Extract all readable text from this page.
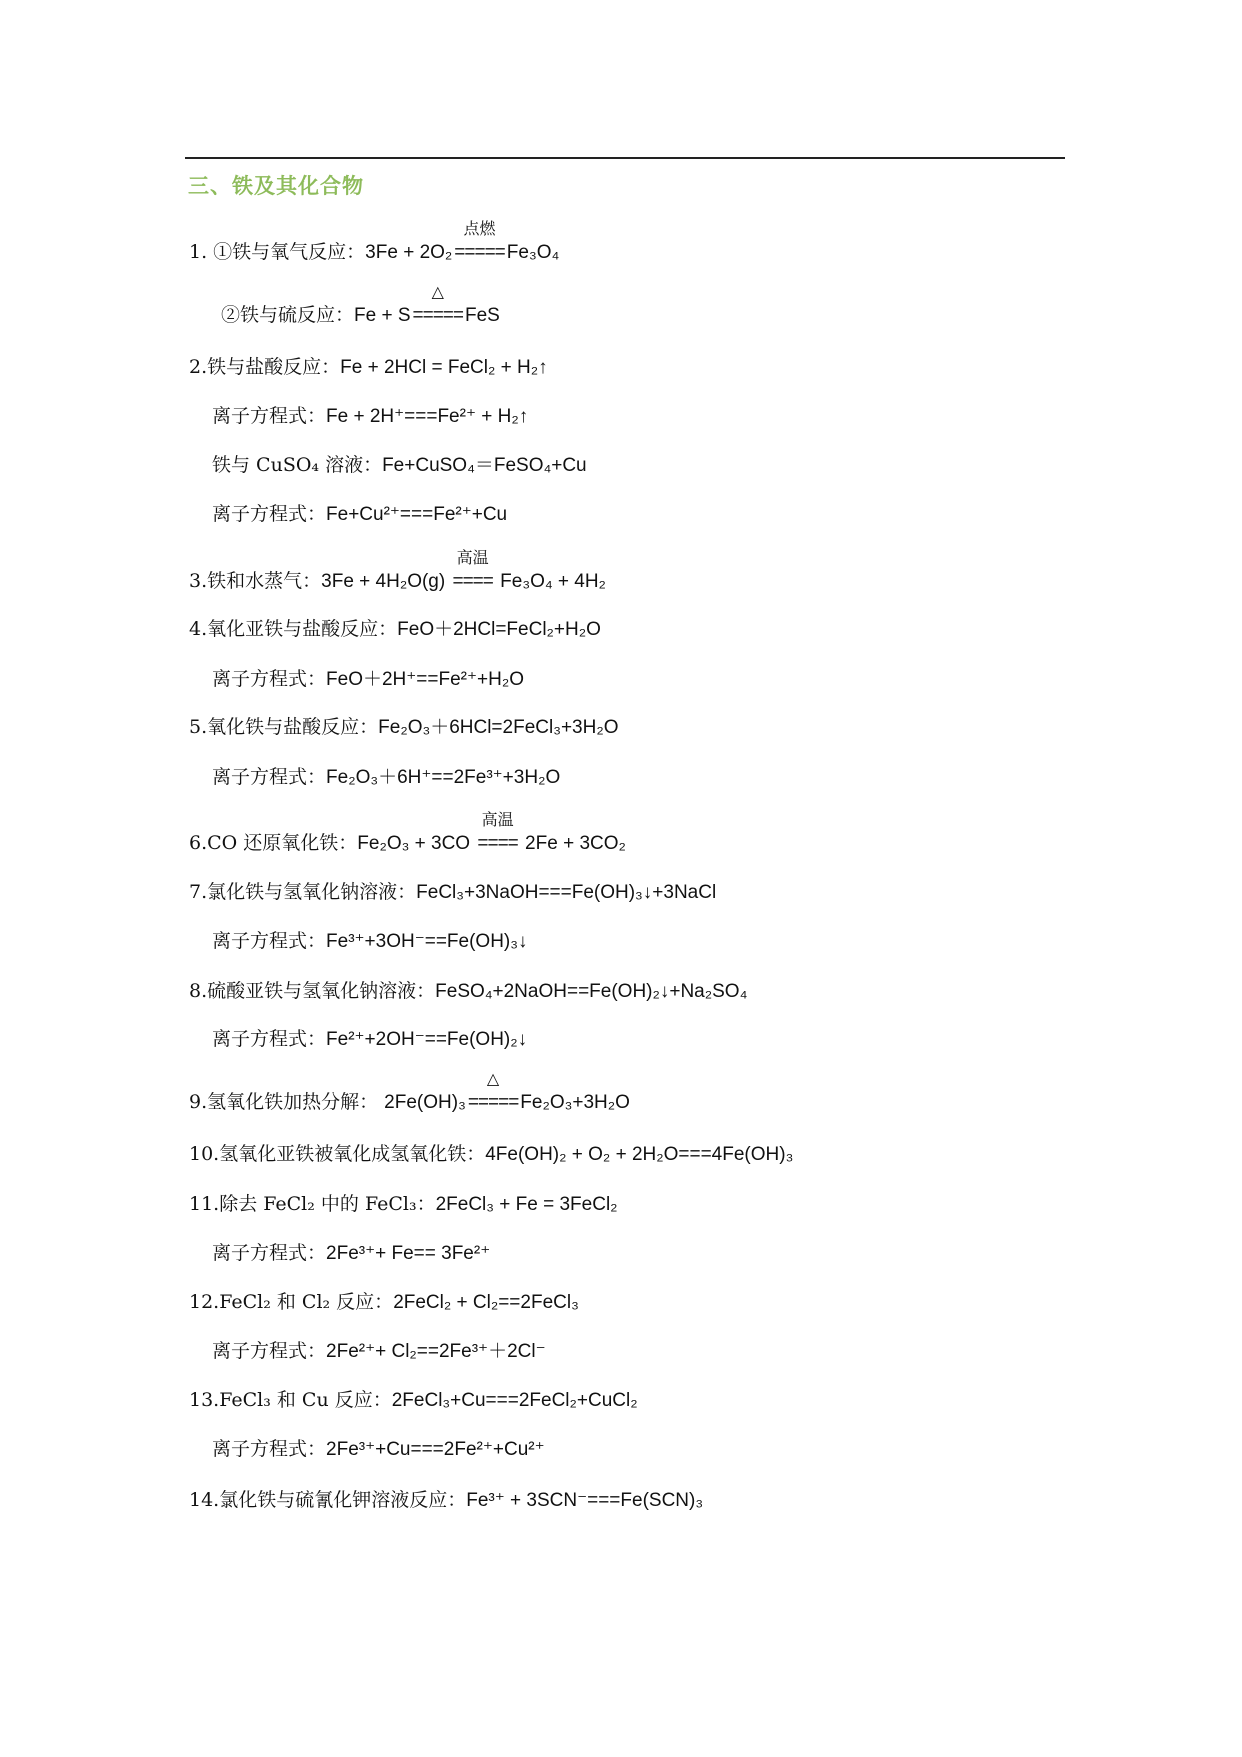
三、铁及其化合物
1. ①铁与氧气反应：3Fe + 2O₂
点燃
===== Fe₃O₄
②铁与硫反应：Fe + S
△
===== FeS
2.铁与盐酸反应：Fe + 2HCl = FeCl₂ + H₂↑
离子方程式：Fe + 2H⁺===Fe²⁺ + H₂↑
铁与 CuSO₄ 溶液：Fe+CuSO₄＝FeSO₄+Cu
离子方程式：Fe+Cu²⁺===Fe²⁺+Cu
3.铁和水蒸气：3Fe + 4H₂O(g)
高温
==== Fe₃O₄ + 4H₂
4.氧化亚铁与盐酸反应：FeO＋2HCl=FeCl₂+H₂O
离子方程式：FeO＋2H⁺==Fe²⁺+H₂O
5.氧化铁与盐酸反应：Fe₂O₃＋6HCl=2FeCl₃+3H₂O
离子方程式：Fe₂O₃＋6H⁺==2Fe³⁺+3H₂O
6.CO 还原氧化铁：Fe₂O₃ + 3CO
高温
==== 2Fe + 3CO₂
7.氯化铁与氢氧化钠溶液：FeCl₃+3NaOH===Fe(OH)₃↓+3NaCl
离子方程式：Fe³⁺+3OH⁻==Fe(OH)₃↓
8.硫酸亚铁与氢氧化钠溶液：FeSO₄+2NaOH==Fe(OH)₂↓+Na₂SO₄
离子方程式：Fe²⁺+2OH⁻==Fe(OH)₂↓
9.氢氧化铁加热分解： 2Fe(OH)₃
△
===== Fe₂O₃+3H₂O
10.氢氧化亚铁被氧化成氢氧化铁：4Fe(OH)₂ + O₂ + 2H₂O===4Fe(OH)₃
11.除去 FeCl₂ 中的 FeCl₃：2FeCl₃ + Fe = 3FeCl₂
离子方程式：2Fe³⁺+ Fe== 3Fe²⁺
12.FeCl₂ 和 Cl₂ 反应：2FeCl₂ + Cl₂==2FeCl₃
离子方程式：2Fe²⁺+ Cl₂==2Fe³⁺＋2Cl⁻
13.FeCl₃ 和 Cu 反应：2FeCl₃+Cu===2FeCl₂+CuCl₂
离子方程式：2Fe³⁺+Cu===2Fe²⁺+Cu²⁺
14.氯化铁与硫氰化钾溶液反应：Fe³⁺ + 3SCN⁻===Fe(SCN)₃
